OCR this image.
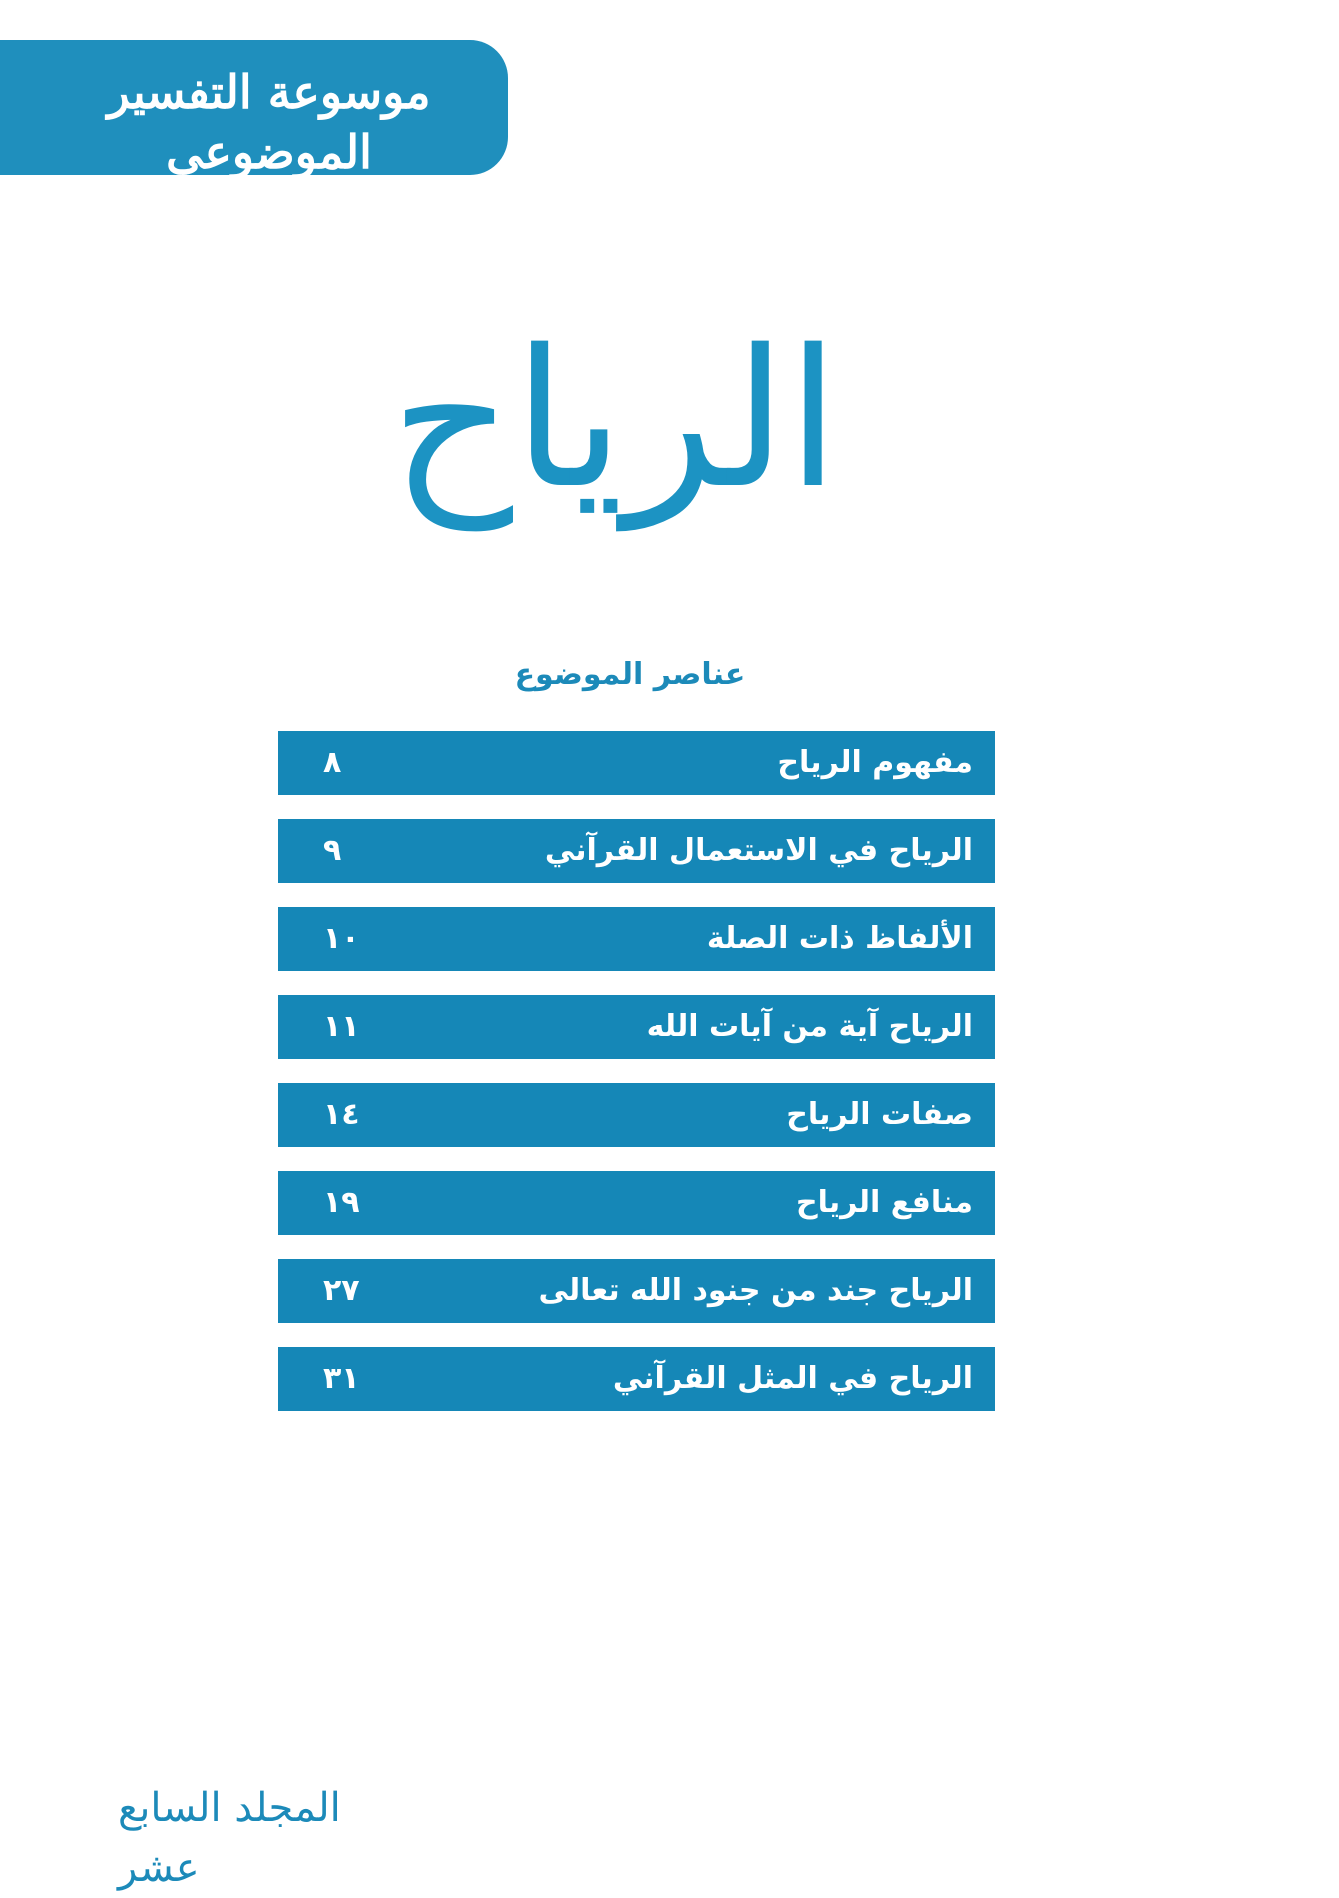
موسوعة التفسير الموضوعي
للقرآن الكريم
الرياح
عناصر الموضوع
مفهوم الرياح
٨
الرياح في الاستعمال القرآني
٩
الألفاظ ذات الصلة
١٠
الرياح آية من آيات الله
١١
صفات الرياح
١٤
منافع الرياح
١٩
الرياح جند من جنود الله تعالى
٢٧
الرياح في المثل القرآني
٣١
المجلد السابع عشر
